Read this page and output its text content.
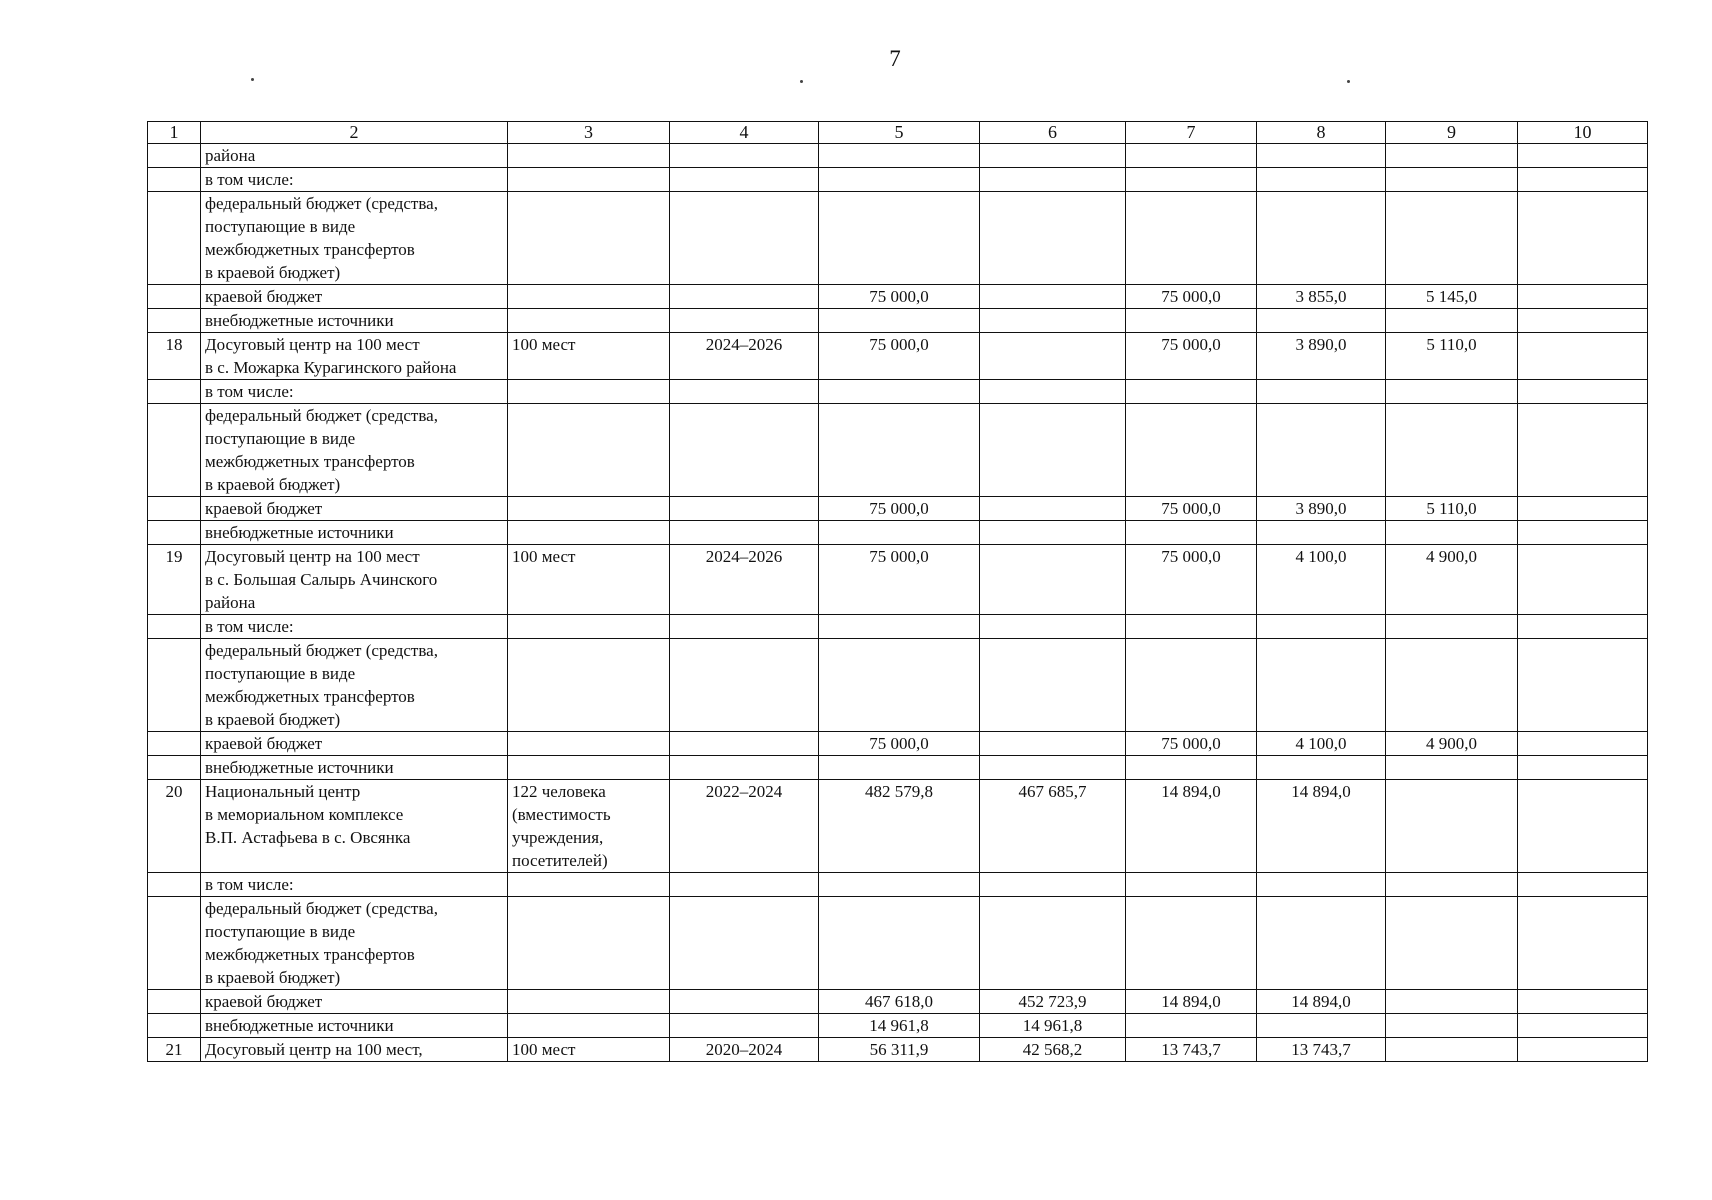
7
1	2	3	4	5	6	7	8	9	10
	района								
	в том числе:								
	федеральный бюджет (средства,
поступающие в виде
межбюджетных трансфертов
в краевой бюджет)								
	краевой бюджет			75 000,0		75 000,0	3 855,0	5 145,0	
	внебюджетные источники								
18	Досуговый центр на 100 мест
в с. Можарка Курагинского района	100 мест	2024–2026	75 000,0		75 000,0	3 890,0	5 110,0	
	в том числе:								
	федеральный бюджет (средства,
поступающие в виде
межбюджетных трансфертов
в краевой бюджет)								
	краевой бюджет			75 000,0		75 000,0	3 890,0	5 110,0	
	внебюджетные источники								
19	Досуговый центр на 100 мест
в с. Большая Салырь Ачинского
района	100 мест	2024–2026	75 000,0		75 000,0	4 100,0	4 900,0	
	в том числе:								
	федеральный бюджет (средства,
поступающие в виде
межбюджетных трансфертов
в краевой бюджет)								
	краевой бюджет			75 000,0		75 000,0	4 100,0	4 900,0	
	внебюджетные источники								
20	Национальный центр
в мемориальном комплексе
В.П. Астафьева в с. Овсянка	122 человека
(вместимость
учреждения,
посетителей)	2022–2024	482 579,8	467 685,7	14 894,0	14 894,0		
	в том числе:								
	федеральный бюджет (средства,
поступающие в виде
межбюджетных трансфертов
в краевой бюджет)								
	краевой бюджет			467 618,0	452 723,9	14 894,0	14 894,0		
	внебюджетные источники			14 961,8	14 961,8				
21	Досуговый центр на 100 мест,	100 мест	2020–2024	56 311,9	42 568,2	13 743,7	13 743,7		
